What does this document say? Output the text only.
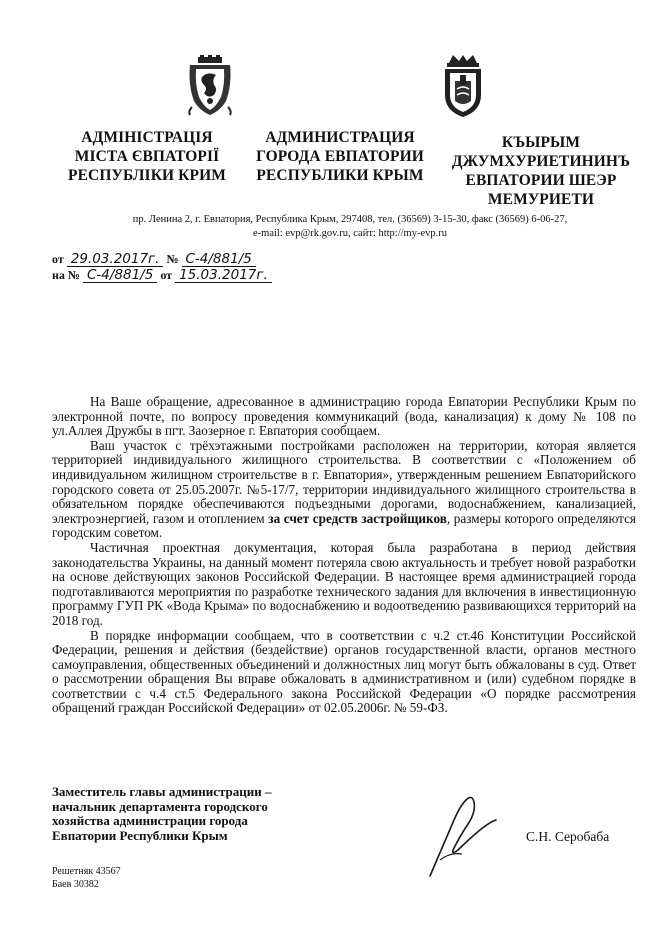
АДМІНІСТРАЦІЯ
МІСТА ЄВПАТОРІЇ
РЕСПУБЛІКИ КРИМ
АДМИНИСТРАЦИЯ
ГОРОДА ЕВПАТОРИИ
РЕСПУБЛИКИ КРЫМ
КЪЫРЫМ
ДЖУМХУРИЕТИНИНЪ
ЕВПАТОРИИ ШЕЭР
МЕМУРИЕТИ
пр. Ленина 2, г. Евпатория, Республика Крым, 297408, тел. (36569) 3-15-30, факс (36569) 6-06-27,
e-mail: evp@rk.gov.ru, сайт: http://my-evp.ru
от 29.03.2017г. № С-4/881/5
на № С-4/881/5 от 15.03.2017г.

На Ваше обращение, адресованное в администрацию города Евпатории Республики Крым по электронной почте, по вопросу проведения коммуникаций (вода, канализация) к дому № 108 по ул.Аллея Дружбы в пгт. Заозерное г. Евпатория сообщаем.

Ваш участок с трёхэтажными постройками расположен на территории, которая является территорией индивидуального жилищного строительства. В соответствии с «Положением об индивидуальном жилищном строительстве в г. Евпатория», утвержденным решением Евпаторийского городского совета от 25.05.2007г. №5-17/7, территории индивидуального жилищного строительства в обязательном порядке обеспечиваются подъездными дорогами, водоснабжением, канализацией, электроэнергией, газом и отоплением за счет средств застройщиков, размеры которого определяются городским советом.

Частичная проектная документация, которая была разработана в период действия законодательства Украины, на данный момент потеряла свою актуальность и требует новой разработки на основе действующих законов Российской Федерации. В настоящее время администрацией города подготавливаются мероприятия по разработке технического задания для включения в инвестиционную программу ГУП РК «Вода Крыма» по водоснабжению и водоотведению развивающихся территорий на 2018 год.

В порядке информации сообщаем, что в соответствии с ч.2 ст.46 Конституции Российской Федерации, решения и действия (бездействие) органов государственной власти, органов местного самоуправления, общественных объединений и должностных лиц могут быть обжалованы в суд. Ответ о рассмотрении обращения Вы вправе обжаловать в административном и (или) судебном порядке в соответствии с ч.4 ст.5 Федерального закона Российской Федерации «О порядке рассмотрения обращений граждан Российской Федерации» от 02.05.2006г. № 59-ФЗ.

Заместитель главы администрации –
начальник департамента городского
хозяйства администрации города
Евпатории Республики Крым	С.Н. Серобаба
Решетняк 43567
Баев 30382
